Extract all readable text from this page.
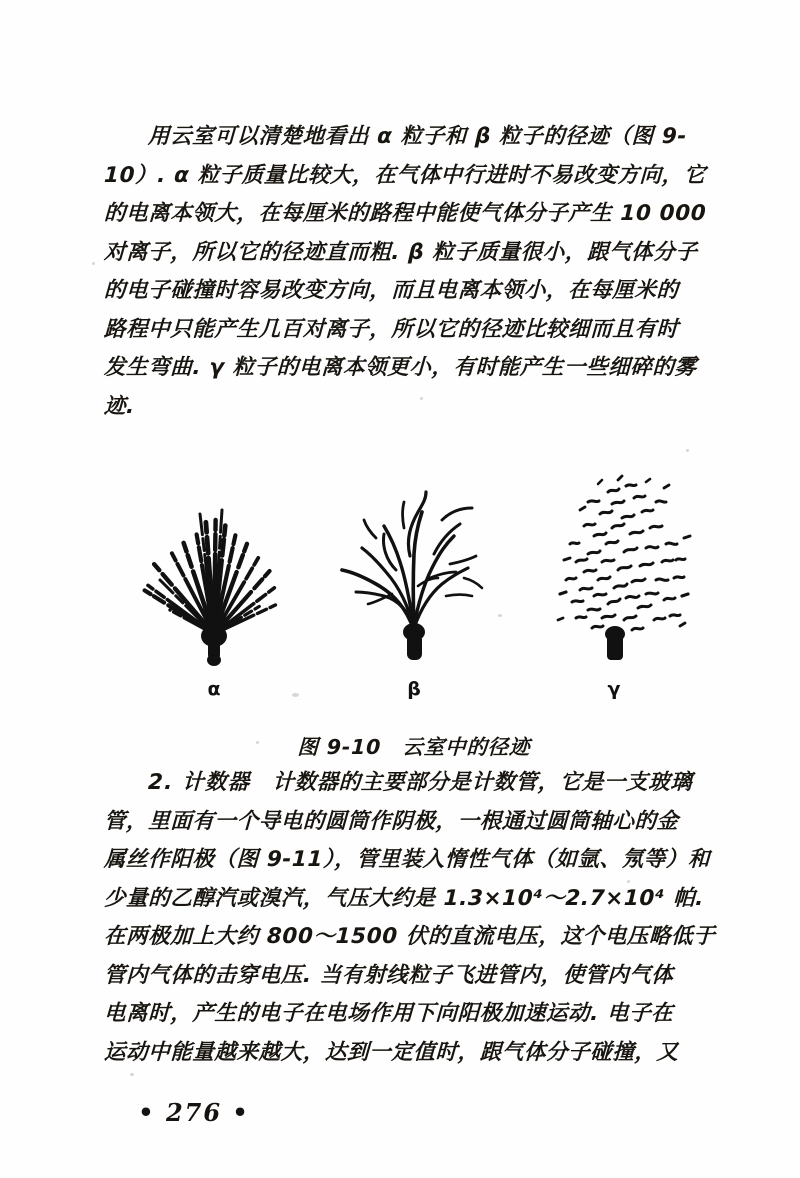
用云室可以清楚地看出 α 粒子和 β 粒子的径迹（图 9-
10）. α 粒子质量比较大，在气体中行进时不易改变方向，它
的电离本领大，在每厘米的路程中能使气体分子产生 10 000
对离子，所以它的径迹直而粗. β 粒子质量很小，跟气体分子
的电子碰撞时容易改变方向，而且电离本领小，在每厘米的
路程中只能产生几百对离子，所以它的径迹比较细而且有时
发生弯曲. γ 粒子的电离本领更小，有时能产生一些细碎的雾
迹.
α	β	γ
图 9-10　云室中的径迹
2. 计数器　 计数器的主要部分是计数管，它是一支玻璃
管，里面有一个导电的圆筒作阴极，一根通过圆筒轴心的金
属丝作阳极（图 9-11），管里装入惰性气体（如氩、氖等）和
少量的乙醇汽或溴汽，气压大约是 1.3×10⁴～2.7×10⁴ 帕.
在两极加上大约 800～1500 伏的直流电压，这个电压略低于
管内气体的击穿电压. 当有射线粒子飞进管内，使管内气体
电离时，产生的电子在电场作用下向阳极加速运动. 电子在
运动中能量越来越大，达到一定值时，跟气体分子碰撞，又
• 276 •
